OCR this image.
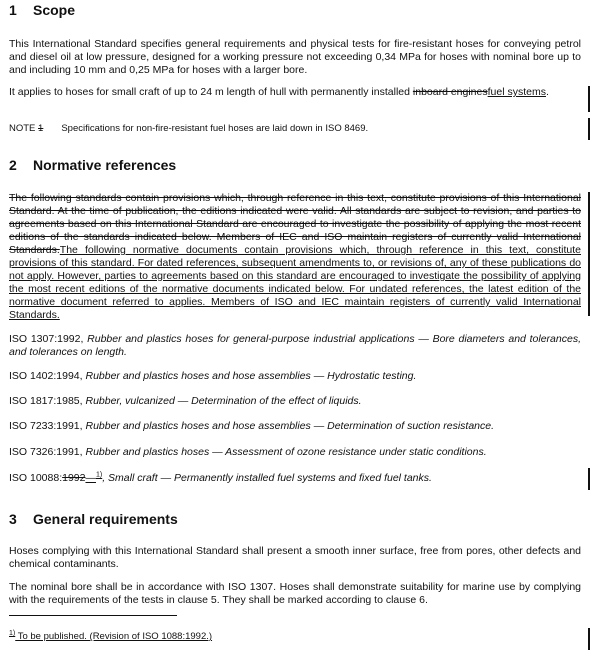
1 Scope
This International Standard specifies general requirements and physical tests for fire-resistant hoses for conveying petrol and diesel oil at low pressure, designed for a working pressure not exceeding 0,34 MPa for hoses with nominal bore up to and including 10 mm and 0,25 MPa for hoses with a larger bore.
It applies to hoses for small craft of up to 24 m length of hull with permanently installed inboard enginesfuel systems.
NOTE 1 Specifications for non-fire-resistant fuel hoses are laid down in ISO 8469.
2 Normative references
The following standards contain provisions which, through reference in this text, constitute provisions of this International Standard. At the time of publication, the editions indicated were valid. All standards are subject to revision, and parties to agreements based on this International Standard are encouraged to investigate the possibility of applying the most recent editions of the standards indicated below. Members of IEC and ISO maintain registers of currently valid International Standards.The following normative documents contain provisions which, through reference in this text, constitute provisions of this standard. For dated references, subsequent amendments to, or revisions of, any of these publications do not apply. However, parties to agreements based on this standard are encouraged to investigate the possibility of applying the most recent editions of the normative documents indicated below. For undated references, the latest edition of the normative document referred to applies. Members of ISO and IEC maintain registers of currently valid International Standards.
ISO 1307:1992, Rubber and plastics hoses for general-purpose industrial applications — Bore diameters and tolerances, and tolerances on length.
ISO 1402:1994, Rubber and plastics hoses and hose assemblies — Hydrostatic testing.
ISO 1817:1985, Rubber, vulcanized — Determination of the effect of liquids.
ISO 7233:1991, Rubber and plastics hoses and hose assemblies — Determination of suction resistance.
ISO 7326:1991, Rubber and plastics hoses — Assessment of ozone resistance under static conditions.
ISO 10088:1992—$^{1)}$, Small craft — Permanently installed fuel systems and fixed fuel tanks.
3 General requirements
Hoses complying with this International Standard shall present a smooth inner surface, free from pores, other defects and chemical contaminants.
The nominal bore shall be in accordance with ISO 1307. Hoses shall demonstrate suitability for marine use by complying with the requirements of the tests in clause 5. They shall be marked according to clause 6.
$^{1)}$ To be published. (Revision of ISO 1088:1992.)
